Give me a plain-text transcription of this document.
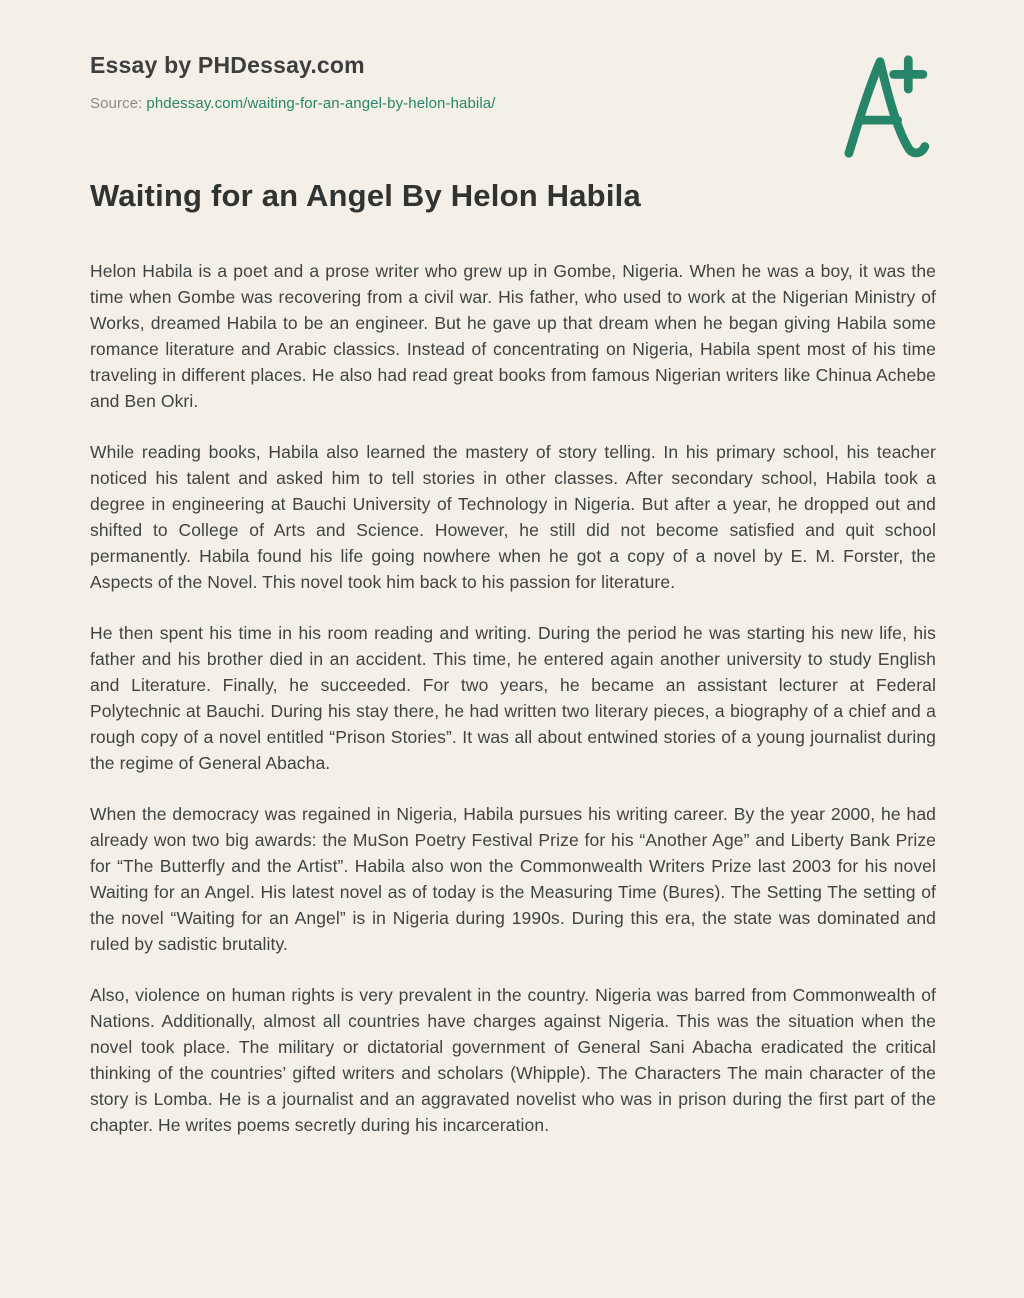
Essay by PHDessay.com

Source: phdessay.com/waiting-for-an-angel-by-helon-habila/

Waiting for an Angel By Helon Habila

Helon Habila is a poet and a prose writer who grew up in Gombe, Nigeria. When he was a boy, it was the time when Gombe was recovering from a civil war. His father, who used to work at the Nigerian Ministry of Works, dreamed Habila to be an engineer. But he gave up that dream when he began giving Habila some romance literature and Arabic classics. Instead of concentrating on Nigeria, Habila spent most of his time traveling in different places. He also had read great books from famous Nigerian writers like Chinua Achebe and Ben Okri.

While reading books, Habila also learned the mastery of story telling. In his primary school, his teacher noticed his talent and asked him to tell stories in other classes. After secondary school, Habila took a degree in engineering at Bauchi University of Technology in Nigeria. But after a year, he dropped out and shifted to College of Arts and Science. However, he still did not become satisfied and quit school permanently. Habila found his life going nowhere when he got a copy of a novel by E. M. Forster, the Aspects of the Novel. This novel took him back to his passion for literature.

He then spent his time in his room reading and writing. During the period he was starting his new life, his father and his brother died in an accident. This time, he entered again another university to study English and Literature. Finally, he succeeded. For two years, he became an assistant lecturer at Federal Polytechnic at Bauchi. During his stay there, he had written two literary pieces, a biography of a chief and a rough copy of a novel entitled “Prison Stories”. It was all about entwined stories of a young journalist during the regime of General Abacha.

When the democracy was regained in Nigeria, Habila pursues his writing career. By the year 2000, he had already won two big awards: the MuSon Poetry Festival Prize for his “Another Age” and Liberty Bank Prize for “The Butterfly and the Artist”. Habila also won the Commonwealth Writers Prize last 2003 for his novel Waiting for an Angel. His latest novel as of today is the Measuring Time (Bures). The Setting The setting of the novel “Waiting for an Angel” is in Nigeria during 1990s. During this era, the state was dominated and ruled by sadistic brutality.

Also, violence on human rights is very prevalent in the country. Nigeria was barred from Commonwealth of Nations. Additionally, almost all countries have charges against Nigeria. This was the situation when the novel took place. The military or dictatorial government of General Sani Abacha eradicated the critical thinking of the countries’ gifted writers and scholars (Whipple). The Characters The main character of the story is Lomba. He is a journalist and an aggravated novelist who was in prison during the first part of the chapter. He writes poems secretly during his incarceration.
